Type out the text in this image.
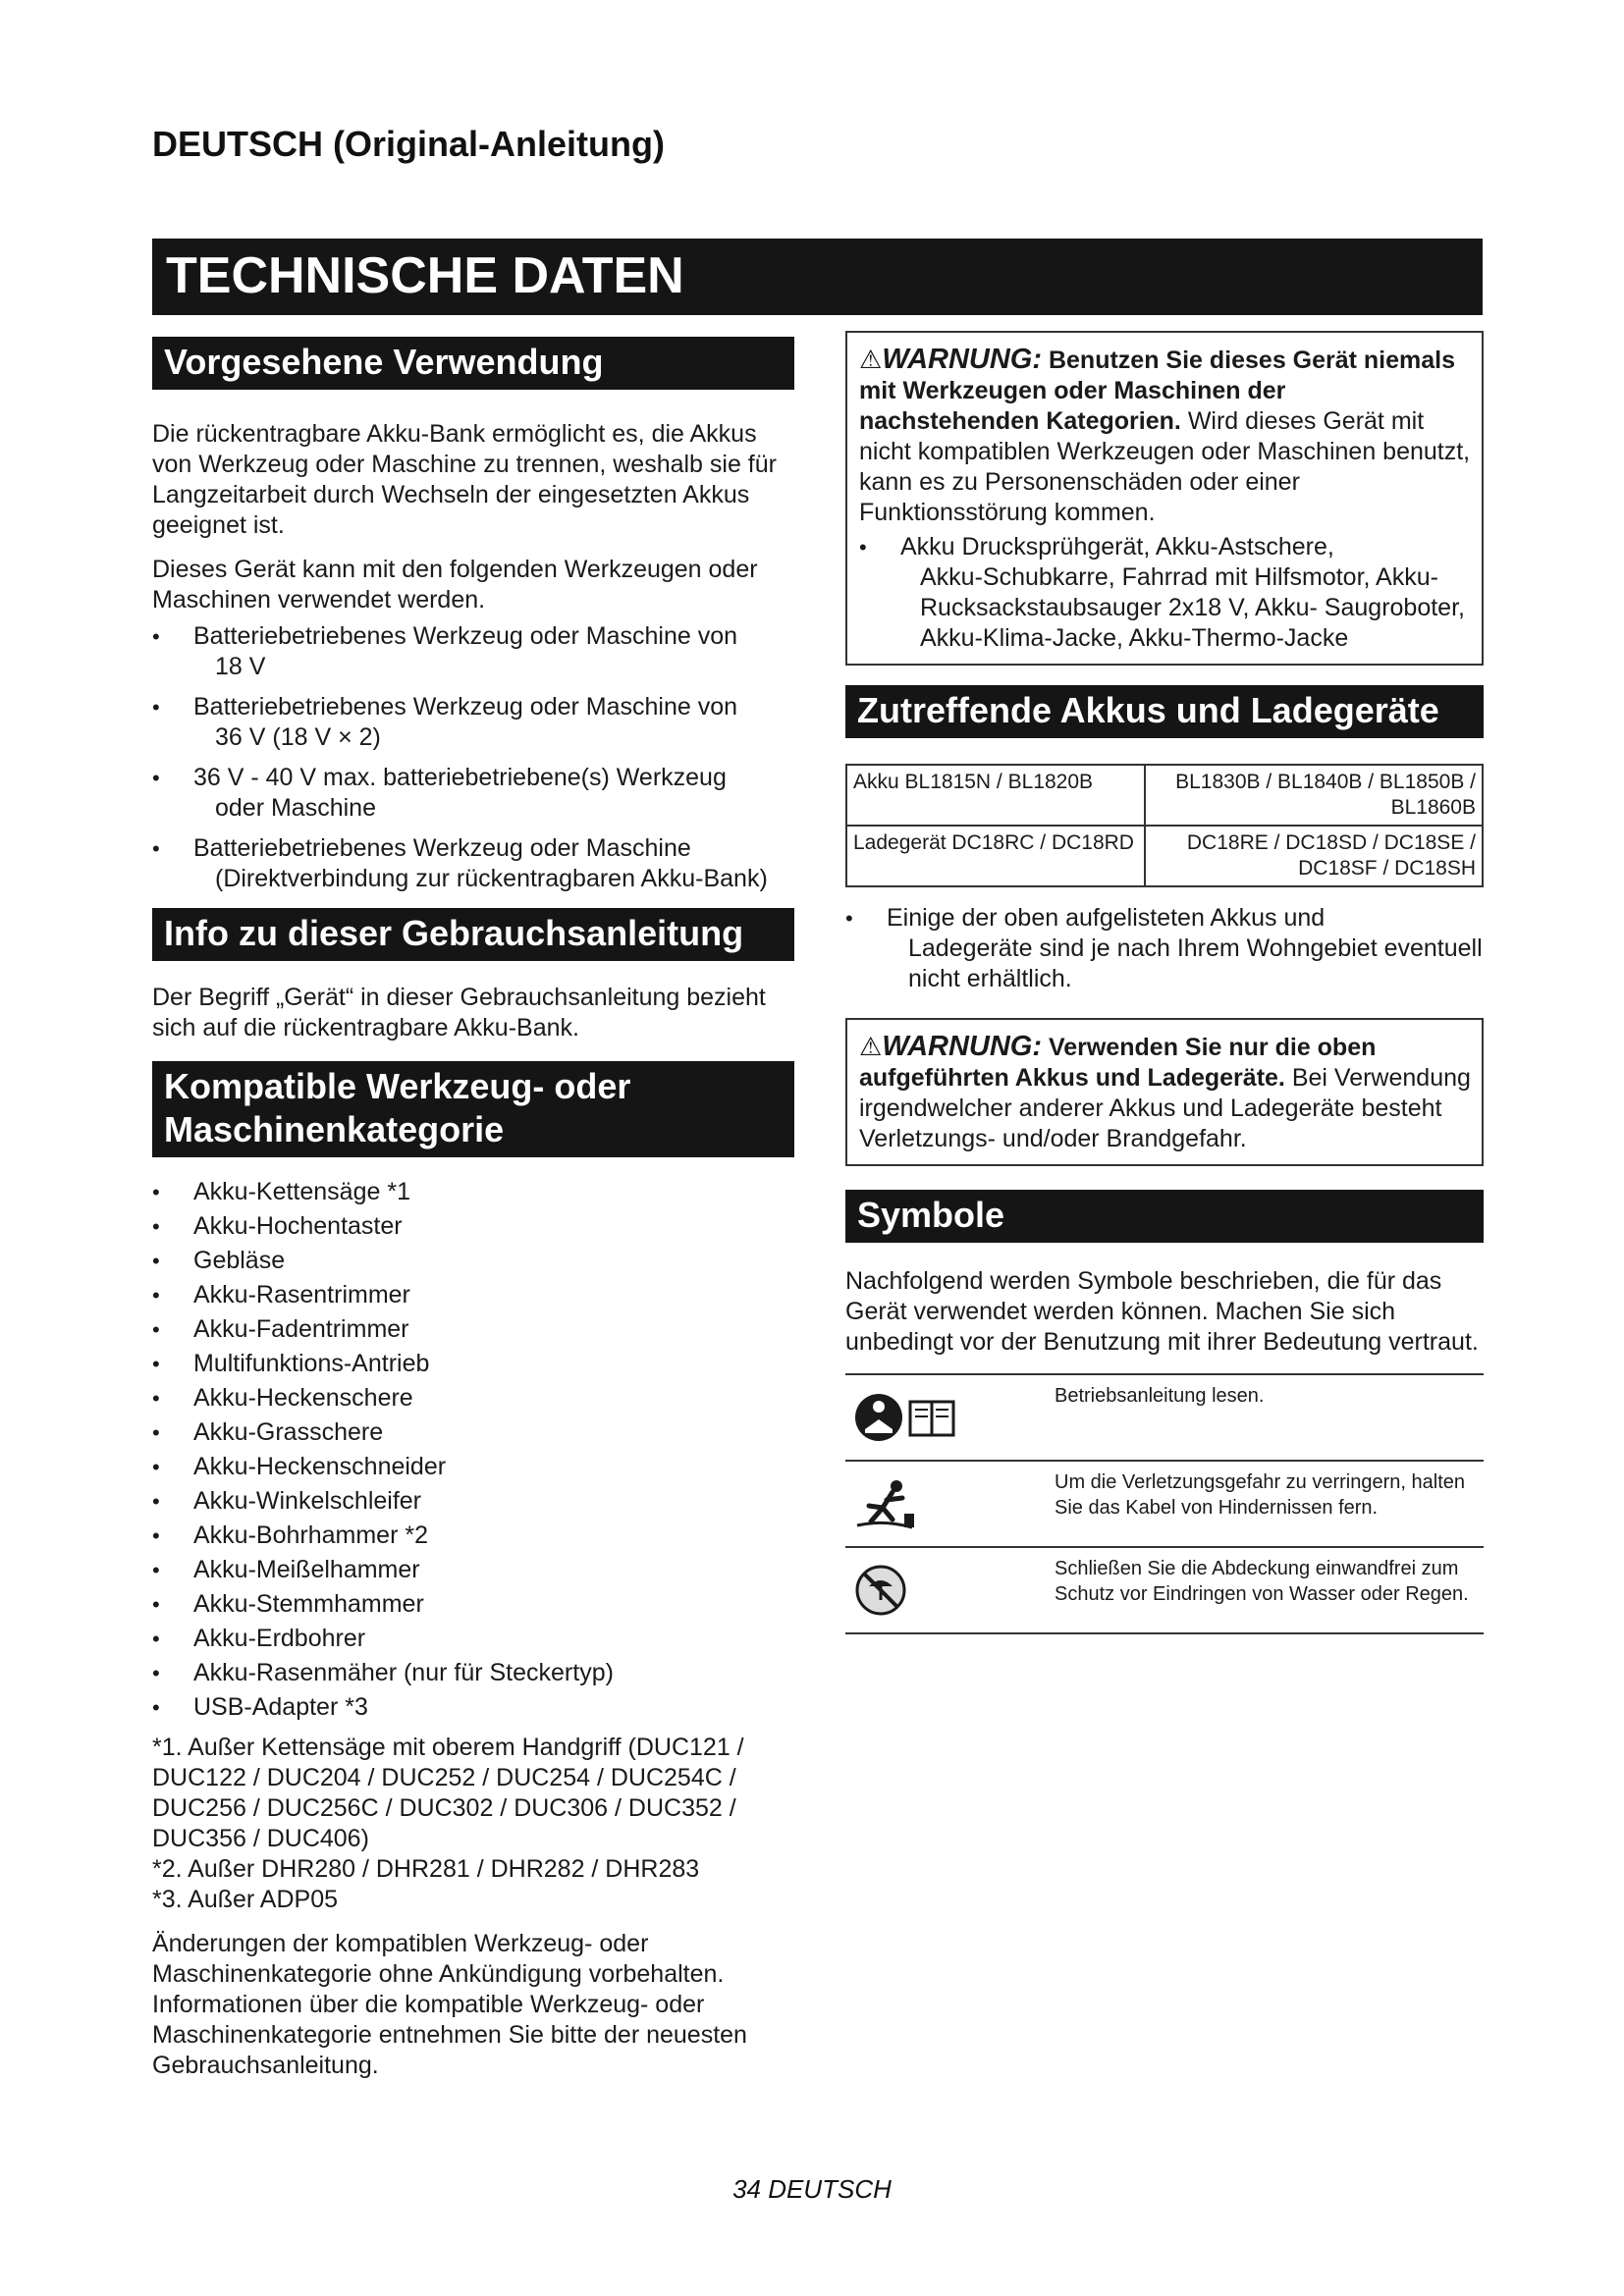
DEUTSCH (Original-Anleitung)
TECHNISCHE DATEN
Vorgesehene Verwendung

Die rückentragbare Akku-Bank ermöglicht es, die Akkus von Werkzeug oder Maschine zu trennen, weshalb sie für Langzeitarbeit durch Wechseln der eingesetzten Akkus geeignet ist.

Dieses Gerät kann mit den folgenden Werkzeugen oder Maschinen verwendet werden.

• Batteriebetriebenes Werkzeug oder Maschine von
18 V
• Batteriebetriebenes Werkzeug oder Maschine von
36 V (18 V × 2)
• 36 V - 40 V max. batteriebetriebene(s) Werkzeug
oder Maschine
• Batteriebetriebenes Werkzeug oder Maschine
(Direktverbindung zur rückentragbaren Akku-Bank)
Info zu dieser Gebrauchsanleitung

Der Begriff „Gerät“ in dieser Gebrauchsanleitung bezieht sich auf die rückentragbare Akku-Bank.

Kompatible Werkzeug- oder
Maschinenkategorie
• Akku-Kettensäge *1
• Akku-Hochentaster
• Gebläse
• Akku-Rasentrimmer
• Akku-Fadentrimmer
• Multifunktions-Antrieb
• Akku-Heckenschere
• Akku-Grasschere
• Akku-Heckenschneider
• Akku-Winkelschleifer
• Akku-Bohrhammer *2
• Akku-Meißelhammer
• Akku-Stemmhammer
• Akku-Erdbohrer
• Akku-Rasenmäher (nur für Steckertyp)
• USB-Adapter *3

*1. Außer Kettensäge mit oberem Handgriff (DUC121 / DUC122 / DUC204 / DUC252 / DUC254 / DUC254C / DUC256 / DUC256C / DUC302 / DUC306 / DUC352 / DUC356 / DUC406)

*2. Außer DHR280 / DHR281 / DHR282 / DHR283

*3. Außer ADP05

Änderungen der kompatiblen Werkzeug- oder Maschinenkategorie ohne Ankündigung vorbehalten. Informationen über die kompatible Werkzeug- oder Maschinenkategorie entnehmen Sie bitte der neuesten Gebrauchsanleitung.

⚠WARNUNG: Benutzen Sie dieses Gerät niemals mit Werkzeugen oder Maschinen der nachstehenden Kategorien. Wird dieses Gerät mit nicht kompatiblen Werkzeugen oder Maschinen benutzt, kann es zu Personenschäden oder einer Funktionsstörung kommen.
• Akku Drucksprühgerät, Akku-Astschere,
Akku-Schubkarre, Fahrrad mit Hilfsmotor, Akku-Rucksackstaubsauger 2x18 V, Akku- Saugroboter, Akku-Klima-Jacke, Akku-Thermo-Jacke
Zutreffende Akkus und Ladegeräte
Akku BL1815N / BL1820B	BL1830B / BL1840B / BL1850B / BL1860B
Ladegerät DC18RC / DC18RD	DC18RE / DC18SD / DC18SE / DC18SF / DC18SH
• Einige der oben aufgelisteten Akkus und
Ladegeräte sind je nach Ihrem Wohngebiet eventuell nicht erhältlich.
⚠WARNUNG: Verwenden Sie nur die oben aufgeführten Akkus und Ladegeräte. Bei Verwendung irgendwelcher anderer Akkus und Ladegeräte besteht Verletzungs- und/oder Brandgefahr.
Symbole

Nachfolgend werden Symbole beschrieben, die für das Gerät verwendet werden können. Machen Sie sich unbedingt vor der Benutzung mit ihrer Bedeutung vertraut.

Betriebsanleitung lesen.
Um die Verletzungsgefahr zu verringern, halten Sie das Kabel von Hindernissen fern.
Schließen Sie die Abdeckung einwandfrei zum Schutz vor Eindringen von Wasser oder Regen.
34 DEUTSCH
